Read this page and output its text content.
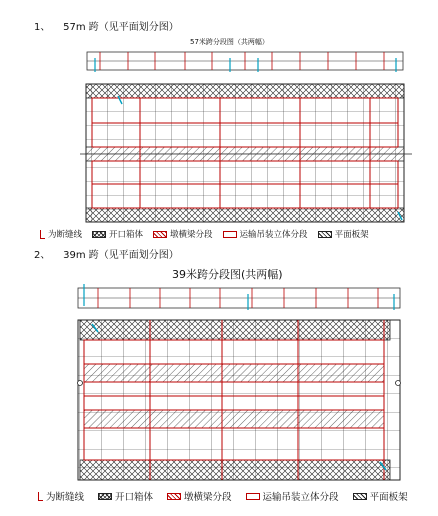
1、 57m 跨（见平面划分图）
57米跨分段图（共两幅）
2、 39m 跨（见平面划分图）
39米跨分段图(共两幅)
为断缝线	开口箱体	墩横梁分段	运输吊装立体分段	平面板架
为断缝线	开口箱体	墩横梁分段	运输吊装立体分段	平面板架
